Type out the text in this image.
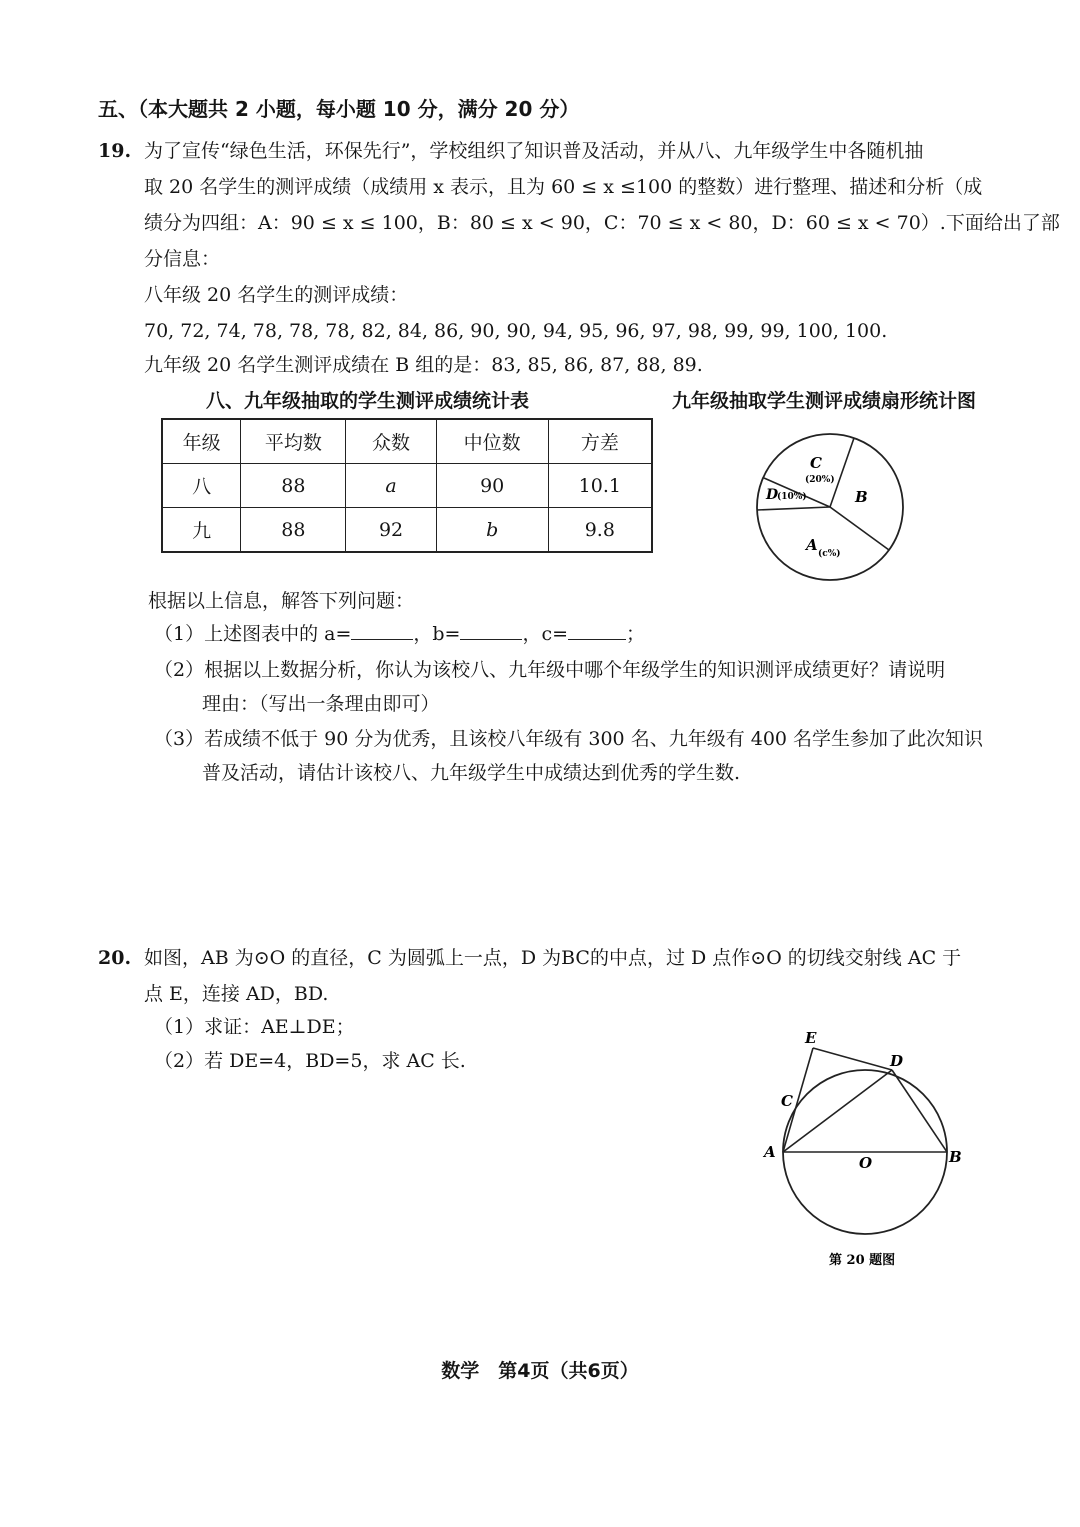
五、（本大题共 2 小题，每小题 10 分，满分 20 分）
19. 为了宣传“绿色生活，环保先行”，学校组织了知识普及活动，并从八、九年级学生中各随机抽
取 20 名学生的测评成绩（成绩用 x 表示，且为 60 ≤ x ≤100 的整数）进行整理、描述和分析（成
绩分为四组：A：90 ≤ x ≤ 100，B：80 ≤ x < 90，C：70 ≤ x < 80，D：60 ≤ x < 70）.下面给出了部
分信息：
八年级 20 名学生的测评成绩：
70, 72, 74, 78, 78, 78, 82, 84, 86, 90, 90, 94, 95, 96, 97, 98, 99, 99, 100, 100.
九年级 20 名学生测评成绩在 B 组的是：83, 85, 86, 87, 88, 89.
八、九年级抽取的学生测评成绩统计表
年级	平均数	众数	中位数	方差
八	88	a	90	10.1
九	88	92	b	9.8
九年级抽取学生测评成绩扇形统计图
C
(20%)
D
(10%)	B
A (c%)
根据以上信息，解答下列问题：
（1）上述图表中的 a=	，b=	，c=	；
（2）根据以上数据分析，你认为该校八、九年级中哪个年级学生的知识测评成绩更好？请说明
理由：（写出一条理由即可）
（3）若成绩不低于 90 分为优秀，且该校八年级有 300 名、九年级有 400 名学生参加了此次知识
普及活动，请估计该校八、九年级学生中成绩达到优秀的学生数.
20. 如图，AB 为⊙O 的直径，C 为圆弧上一点，D 为BC的中点，过 D 点作⊙O 的切线交射线 AC 于
点 E，连接 AD，BD.
（1）求证：AE⊥DE；
（2）若 DE=4，BD=5，求 AC 长.
E
D
C
A
O	B
第 20 题图
数学　第4页（共6页）
